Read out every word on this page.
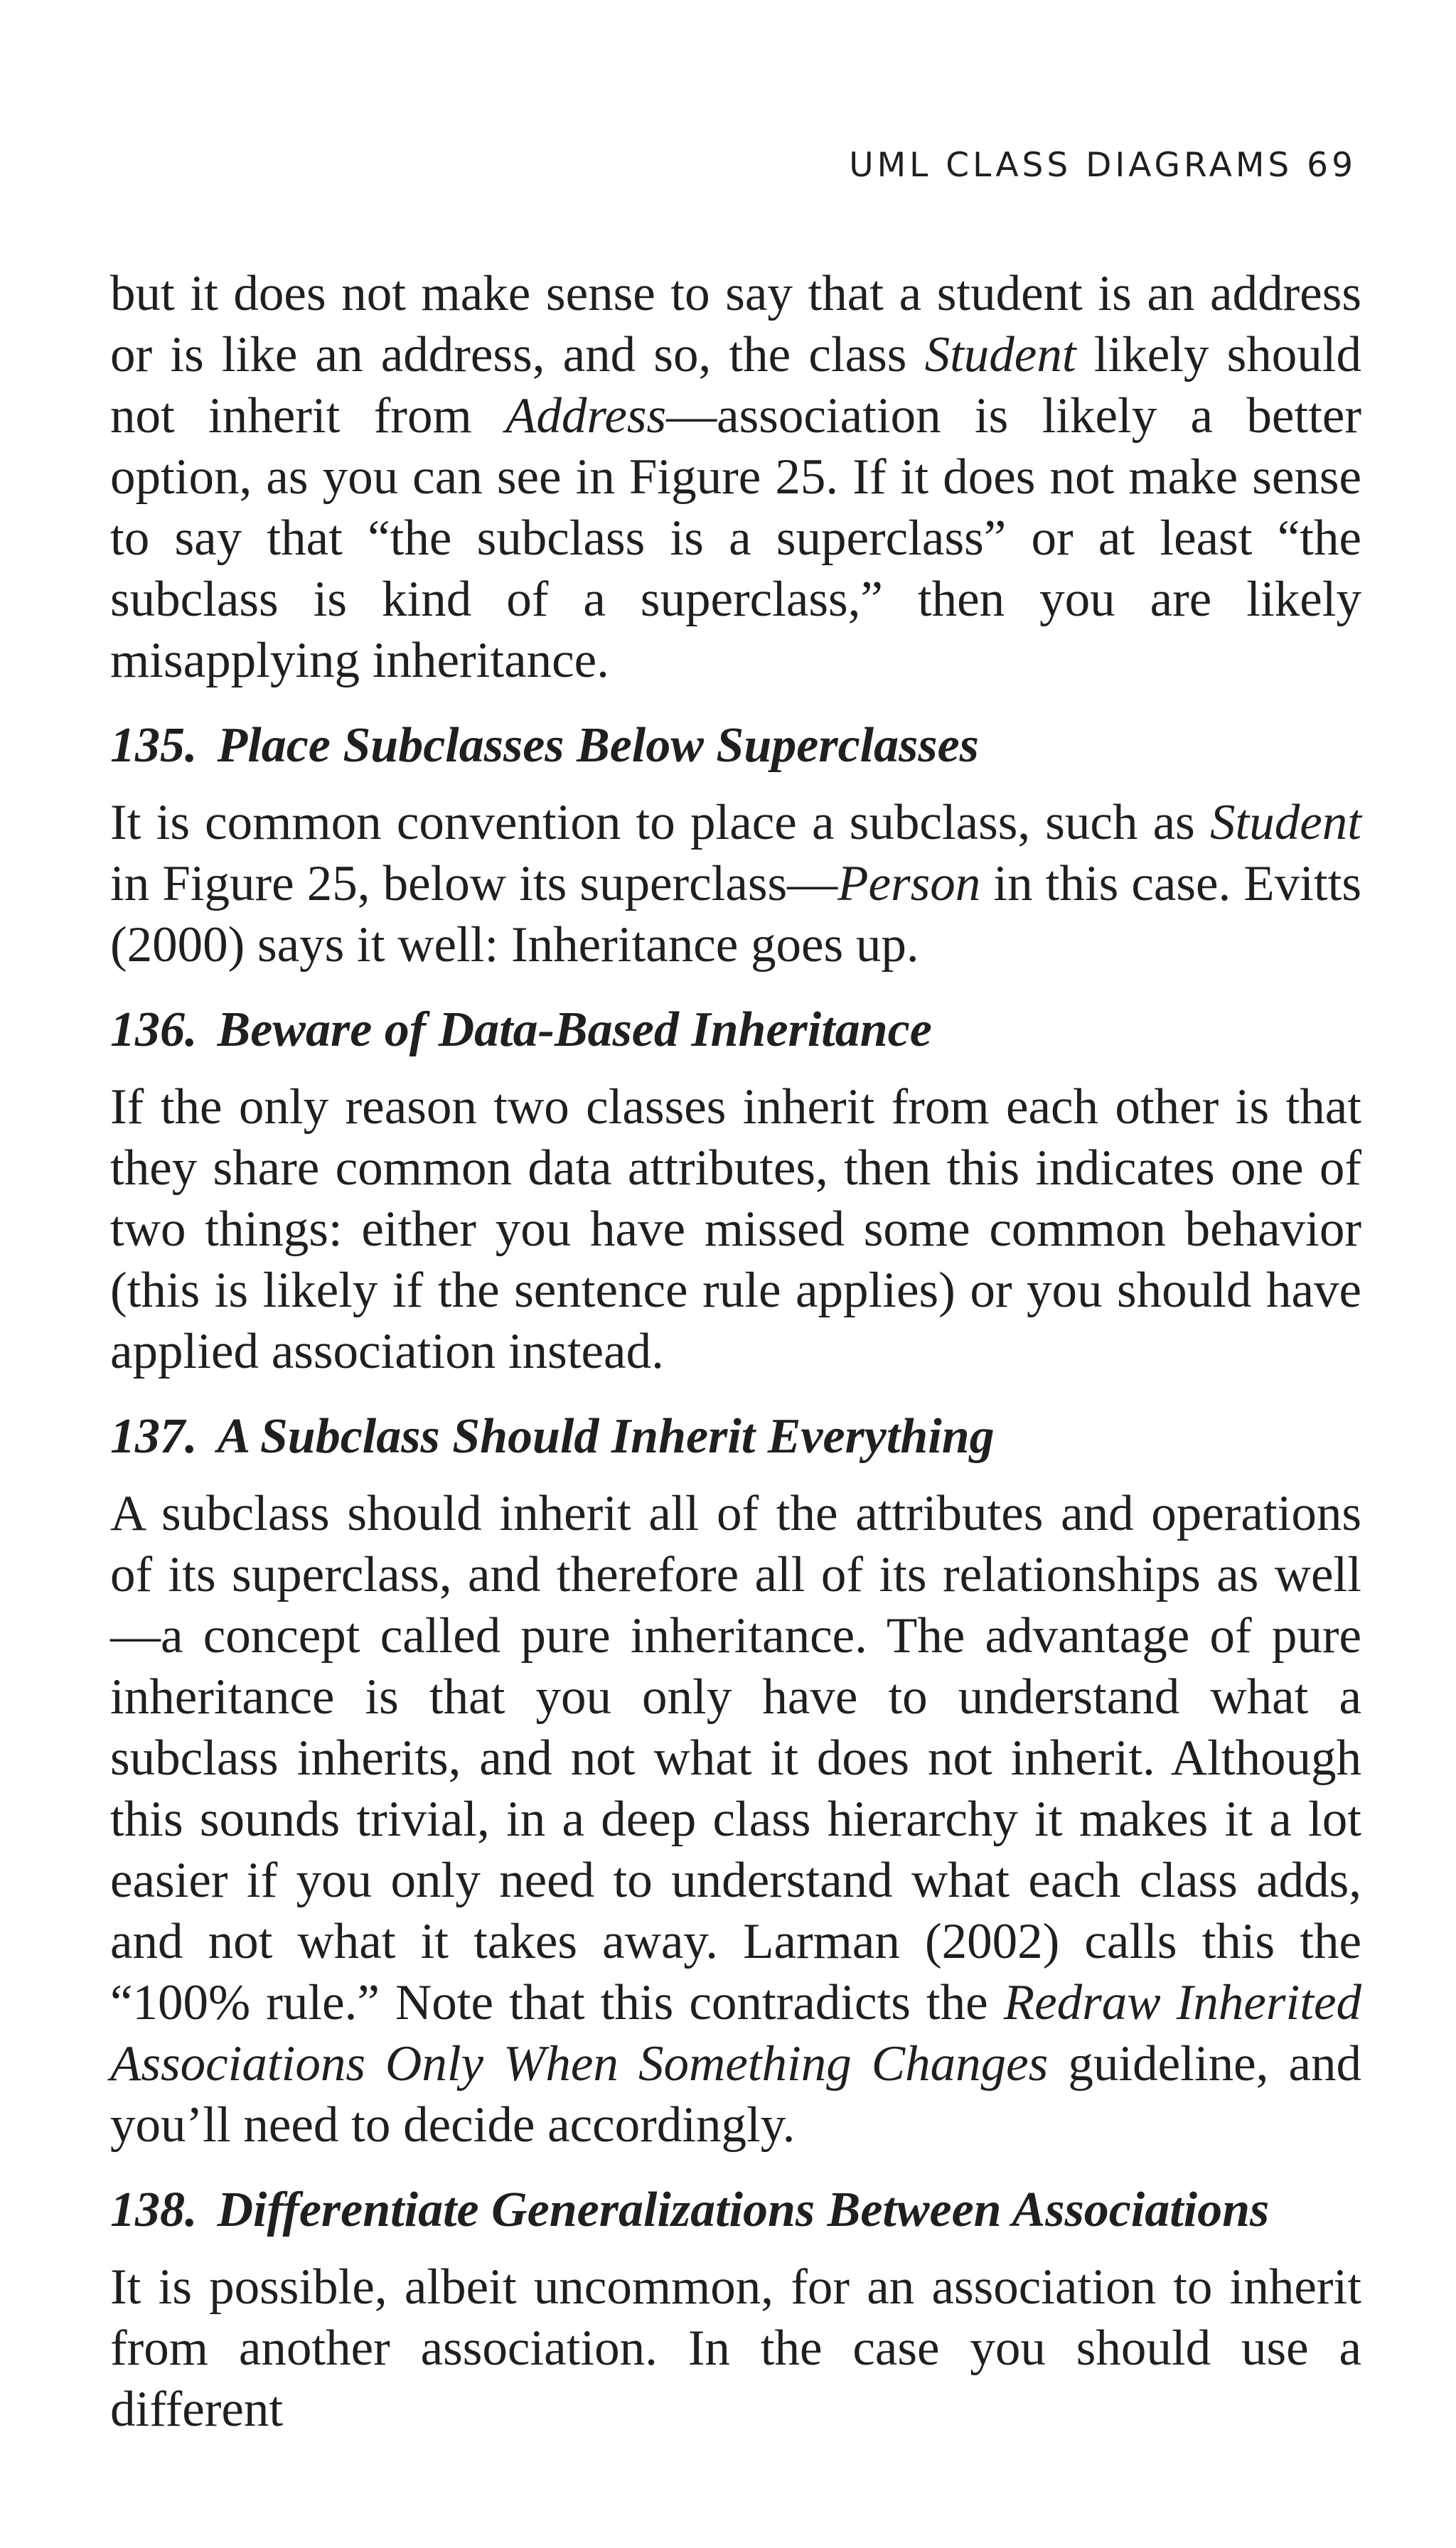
UML CLASS DIAGRAMS 69

but it does not make sense to say that a student is an address or is like an address, and so, the class Student likely should not inherit from Address—association is likely a better option, as you can see in Figure 25. If it does not make sense to say that “the subclass is a superclass” or at least “the subclass is kind of a superclass,” then you are likely misapplying inheritance.

135. Place Subclasses Below Superclasses

It is common convention to place a subclass, such as Student in Figure 25, below its superclass—Person in this case. Evitts (2000) says it well: Inheritance goes up.

136. Beware of Data-Based Inheritance

If the only reason two classes inherit from each other is that they share common data attributes, then this indicates one of two things: either you have missed some common behavior (this is likely if the sentence rule applies) or you should have applied association instead.

137. A Subclass Should Inherit Everything

A subclass should inherit all of the attributes and operations of its superclass, and therefore all of its relationships as well—a concept called pure inheritance. The advantage of pure inheritance is that you only have to understand what a subclass inherits, and not what it does not inherit. Although this sounds trivial, in a deep class hierarchy it makes it a lot easier if you only need to understand what each class adds, and not what it takes away. Larman (2002) calls this the “100% rule.” Note that this contradicts the Redraw Inherited Associations Only When Something Changes guideline, and you’ll need to decide accordingly.

138. Differentiate Generalizations Between Associations

It is possible, albeit uncommon, for an association to inherit from another association. In the case you should use a different
